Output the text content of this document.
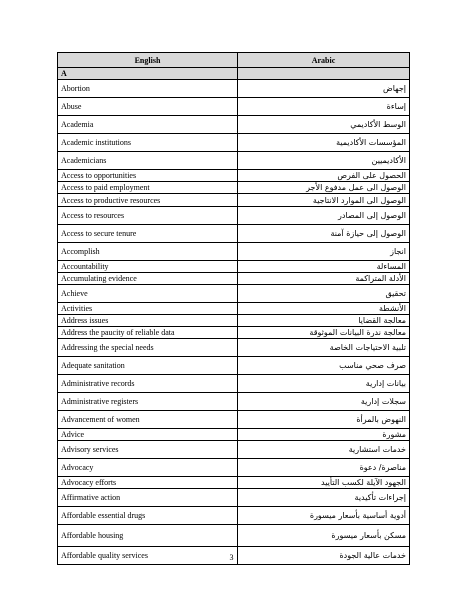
English	Arabic
A	
Abortion	إجهاض
Abuse	إساءة
Academia	الوسط الأكاديمي
Academic institutions	المؤسسات الأكاديمية
Academicians	الأكاديميين
Access to opportunities	الحصول على الفرص
Access to paid employment	الوصول الى عمل مدفوع الأجر
Access to productive resources	الوصول الى الموارد الانتاجية
Access to resources	الوصول إلى المصادر
Access to secure tenure	الوصول إلى حيازة آمنة
Accomplish	انجاز
Accountability	المساءلة
Accumulating evidence	الأدلة المتراكمة
Achieve	تحقيق
Activities	الأنشطة
Address issues	معالجة القضايا
Address the paucity of reliable data	معالجة ندرة البيانات الموثوقة
Addressing the special needs	تلبية الاحتياجات الخاصة
Adequate sanitation	صرف صحي مناسب
Administrative records	بيانات إدارية
Administrative registers	سجلات إدارية
Advancement of women	النهوض بالمرأة
Advice	مشورة
Advisory services	خدمات استشارية
Advocacy	مناصرة/ دعوة
Advocacy efforts	الجهود الآيلة لكسب التأييد
Affirmative action	إجراءات تأكيدية
Affordable essential drugs	أدوية أساسية بأسعار ميسورة
Affordable housing	مسكن بأسعار ميسورة
Affordable quality services	خدمات عالية الجودة
3
